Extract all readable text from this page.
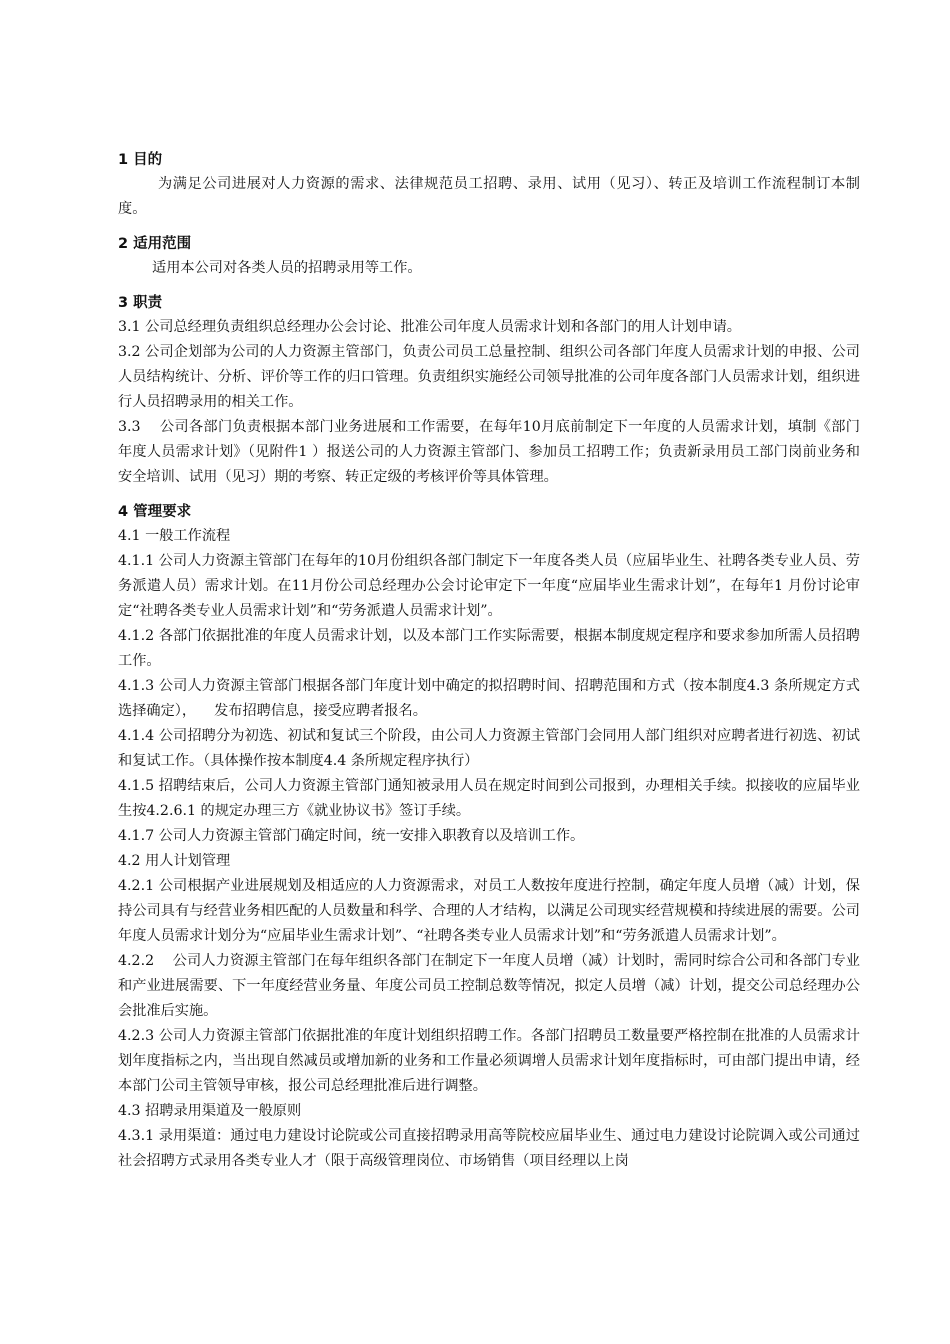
1 目的
为满足公司进展对人力资源的需求、法律规范员工招聘、录用、试用（见习）、转正及培训工作流程制订本制度。
2 适用范围
适用本公司对各类人员的招聘录用等工作。
3 职责
3.1 公司总经理负责组织总经理办公会讨论、批准公司年度人员需求计划和各部门的用人计划申请。
3.2 公司企划部为公司的人力资源主管部门，负责公司员工总量控制、组织公司各部门年度人员需求计划的申报、公司人员结构统计、分析、评价等工作的归口管理。负责组织实施经公司领导批准的公司年度各部门人员需求计划，组织进行人员招聘录用的相关工作。
3.3    公司各部门负责根据本部门业务进展和工作需要，在每年10月底前制定下一年度的人员需求计划，填制《部门              年度人员需求计划》（见附件1 ）报送公司的人力资源主管部门、参加员工招聘工作；负责新录用员工部门岗前业务和安全培训、试用（见习）期的考察、转正定级的考核评价等具体管理。
4 管理要求
4.1 一般工作流程
4.1.1 公司人力资源主管部门在每年的10月份组织各部门制定下一年度各类人员（应届毕业生、社聘各类专业人员、劳务派遣人员）需求计划。在11月份公司总经理办公会讨论审定下一年度“应届毕业生需求计划”，在每年1 月份讨论审定“社聘各类专业人员需求计划”和“劳务派遣人员需求计划”。
4.1.2 各部门依据批准的年度人员需求计划，以及本部门工作实际需要，根据本制度规定程序和要求参加所需人员招聘工作。
4.1.3 公司人力资源主管部门根据各部门年度计划中确定的拟招聘时间、招聘范围和方式（按本制度4.3 条所规定方式选择确定），    发布招聘信息，接受应聘者报名。
4.1.4 公司招聘分为初选、初试和复试三个阶段，由公司人力资源主管部门会同用人部门组织对应聘者进行初选、初试和复试工作。（具体操作按本制度4.4 条所规定程序执行）
4.1.5 招聘结束后，公司人力资源主管部门通知被录用人员在规定时间到公司报到，办理相关手续。拟接收的应届毕业生按4.2.6.1 的规定办理三方《就业协议书》签订手续。
4.1.7 公司人力资源主管部门确定时间，统一安排入职教育以及培训工作。
4.2 用人计划管理
4.2.1 公司根据产业进展规划及相适应的人力资源需求，对员工人数按年度进行控制，确定年度人员增（减）计划，保持公司具有与经营业务相匹配的人员数量和科学、合理的人才结构，以满足公司现实经营规模和持续进展的需要。公司年度人员需求计划分为“应届毕业生需求计划”、“社聘各类专业人员需求计划”和“劳务派遣人员需求计划”。
4.2.2    公司人力资源主管部门在每年组织各部门在制定下一年度人员增（减）计划时，需同时综合公司和各部门专业和产业进展需要、下一年度经营业务量、年度公司员工控制总数等情况，拟定人员增（减）计划，提交公司总经理办公会批准后实施。
4.2.3 公司人力资源主管部门依据批准的年度计划组织招聘工作。各部门招聘员工数量要严格控制在批准的人员需求计划年度指标之内，当出现自然减员或增加新的业务和工作量必须调增人员需求计划年度指标时，可由部门提出申请，经本部门公司主管领导审核，报公司总经理批准后进行调整。
4.3 招聘录用渠道及一般原则
4.3.1 录用渠道：通过电力建设讨论院或公司直接招聘录用高等院校应届毕业生、通过电力建设讨论院调入或公司通过社会招聘方式录用各类专业人才（限于高级管理岗位、市场销售（项目经理以上岗
